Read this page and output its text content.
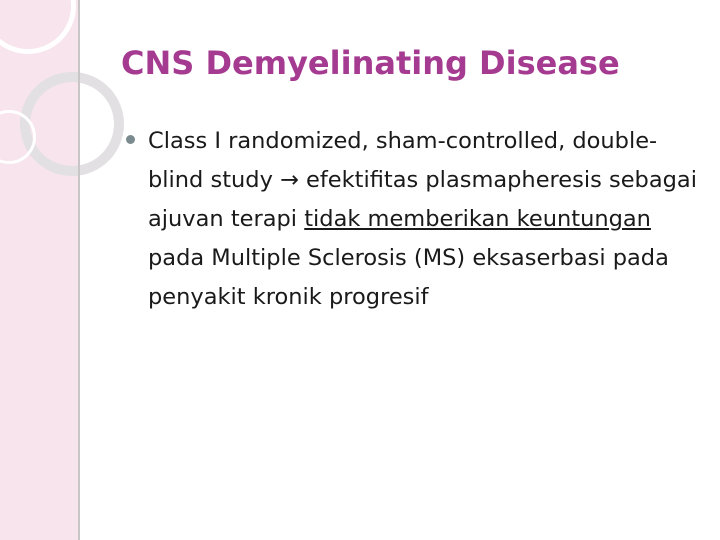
CNS Demyelinating Disease

Class I randomized, sham-controlled, double-blind study → efektifitas plasmapheresis sebagai ajuvan terapi tidak memberikan keuntungan pada Multiple Sclerosis (MS) eksaserbasi pada penyakit kronik progresif
